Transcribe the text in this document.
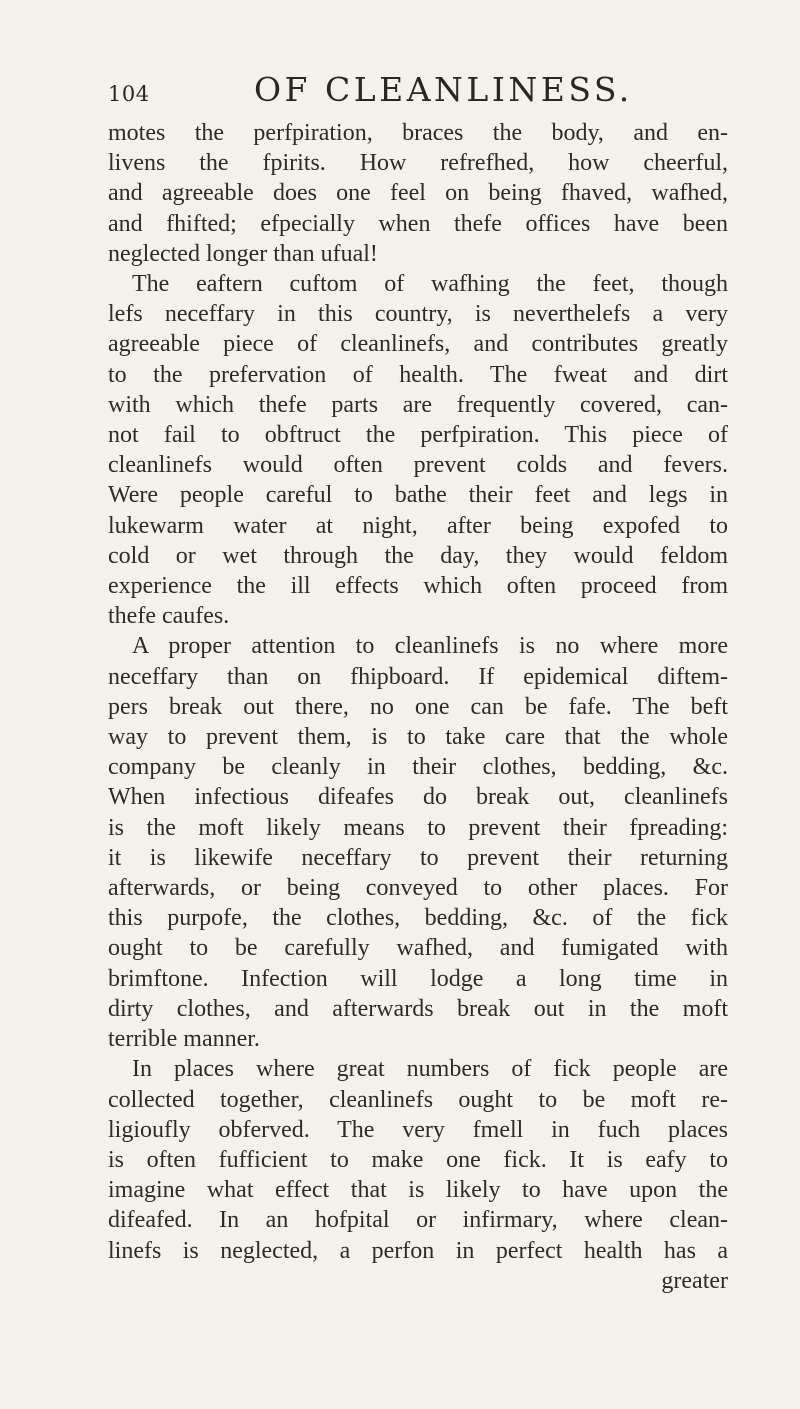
104	OF CLEANLINESS.
motes the perfpiration, braces the body, and en-
livens the fpirits. How refrefhed, how cheerful,
and agreeable does one feel on being fhaved, wafhed,
and fhifted; efpecially when thefe offices have been
neglected longer than ufual!
The eaftern cuftom of wafhing the feet, though
lefs neceffary in this country, is neverthelefs a very
agreeable piece of cleanlinefs, and contributes greatly
to the prefervation of health. The fweat and dirt
with which thefe parts are frequently covered, can-
not fail to obftruct the perfpiration. This piece of
cleanlinefs would often prevent colds and fevers.
Were people careful to bathe their feet and legs in
lukewarm water at night, after being expofed to
cold or wet through the day, they would feldom
experience the ill effects which often proceed from
thefe caufes.
A proper attention to cleanlinefs is no where more
neceffary than on fhipboard. If epidemical diftem-
pers break out there, no one can be fafe. The beft
way to prevent them, is to take care that the whole
company be cleanly in their clothes, bedding, &c.
When infectious difeafes do break out, cleanlinefs
is the moft likely means to prevent their fpreading:
it is likewife neceffary to prevent their returning
afterwards, or being conveyed to other places. For
this purpofe, the clothes, bedding, &c. of the fick
ought to be carefully wafhed, and fumigated with
brimftone. Infection will lodge a long time in
dirty clothes, and afterwards break out in the moft
terrible manner.
In places where great numbers of fick people are
collected together, cleanlinefs ought to be moft re-
ligioufly obferved. The very fmell in fuch places
is often fufficient to make one fick. It is eafy to
imagine what effect that is likely to have upon the
difeafed. In an hofpital or infirmary, where clean-
linefs is neglected, a perfon in perfect health has a
greater
